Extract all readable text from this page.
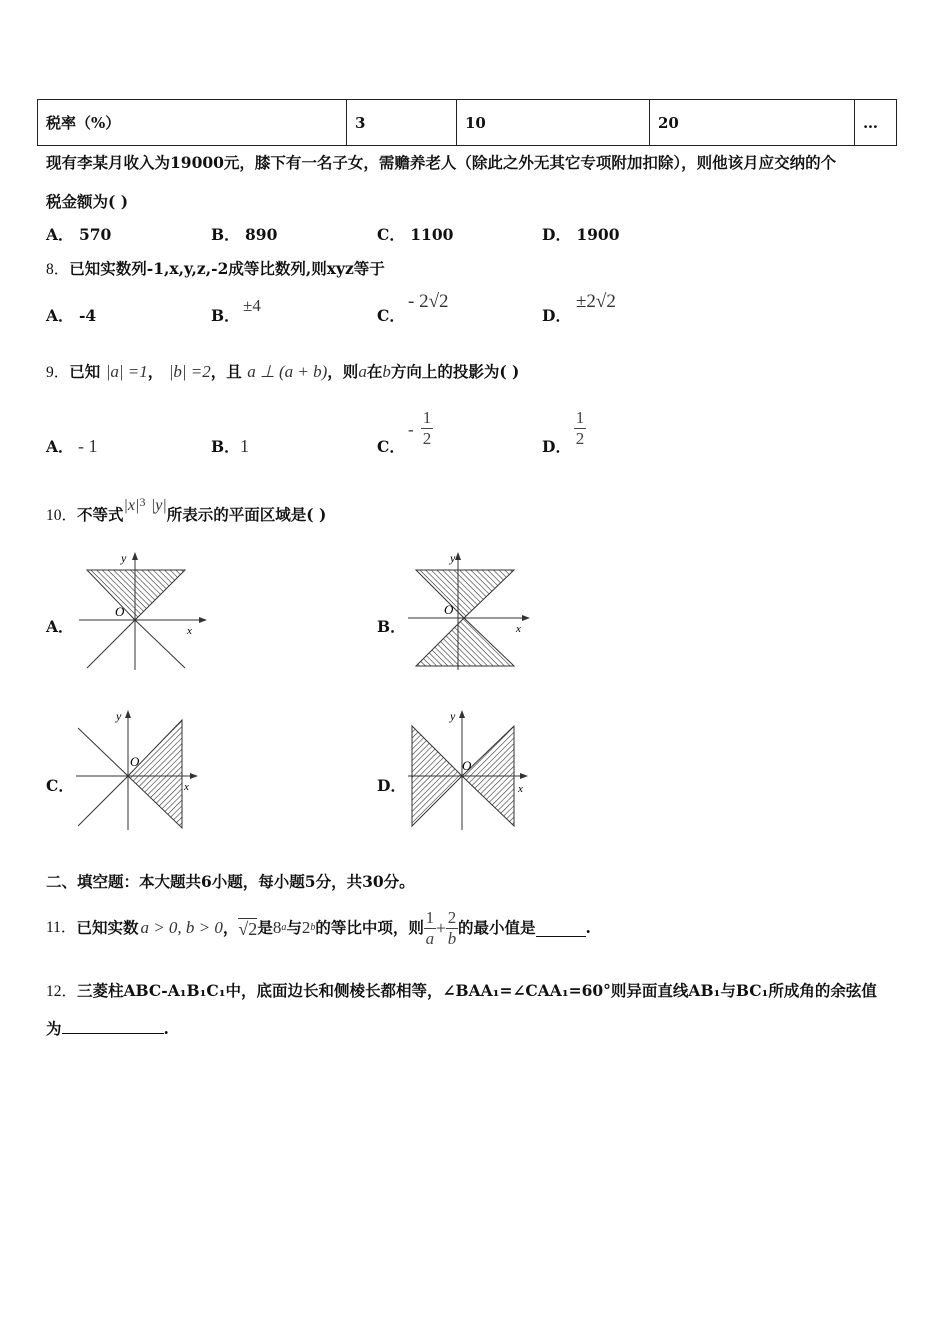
税率（%）	3	10	20	…
现有李某月收入为19000元，膝下有一名子女，需赡养老人（除此之外无其它专项附加扣除），则他该月应交纳的个
税金额为( )
A． 570	B． 890	C． 1100	D． 1900
8．已知实数列-1,x,y,z,-2成等比数列,则xyz等于
A． -4	B．
±4
C．
- 2√2
D．
±2√2
9．已知 |a| =1， |b| =2，且 a ⊥ (a + b)，则a在b方向上的投影为( )
A． - 1	B． 1	C．
-
1
2	D．
1
2
10．不等式$|x|^3$ |y|所表示的平面区域是( )
A．
y
O
x	B．
y
O
x
C．
y
O
x	D．
y
O
x
二、填空题：本大题共6小题，每小题5分，共30分。
11． 已知实数 a > 0, b > 0 ， √2 是 8 a 与 2 b 的等比中项，则 $\frac{1}{a} + \frac{2}{b}$ 的最小值是	.
12．三菱柱ABC-A₁B₁C₁中，底面边长和侧棱长都相等，∠BAA₁=∠CAA₁=60°则异面直线AB₁与BC₁所成角的余弦值
为	.
